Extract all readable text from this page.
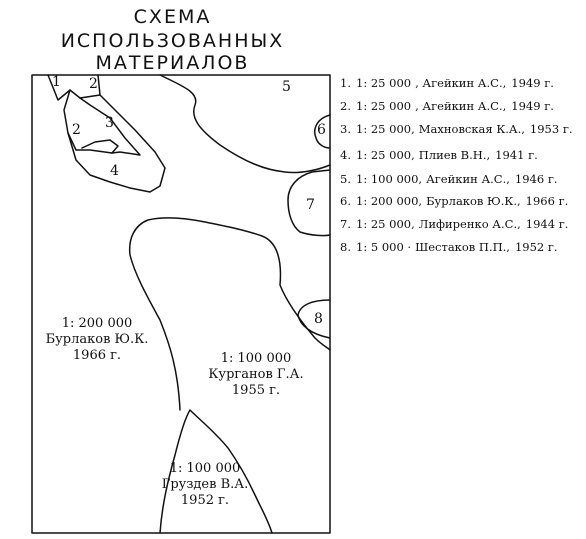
СХЕМА
ИСПОЛЬЗОВАННЫХ МАТЕРИАЛОВ
1 2
2 3
4
5
6
7
8
1: 200 000
Бурлаков Ю.К.
1966 г.	1: 100 000
Курганов Г.А.
1955 г.
1: 100 000
Груздев В.А.
1952 г.
1. 1: 25 000 , Агейкин А.С., 1949 г.
2. 1: 25 000 , Агейкин А.С., 1949 г.
3. 1: 25 000, Махновская К.А., 1953 г.
4. 1: 25 000, Плиев В.Н., 1941 г.
5. 1: 100 000, Агейкин А.С., 1946 г.
6. 1: 200 000, Бурлаков Ю.К., 1966 г.
7. 1: 25 000, Лифиренко А.С., 1944 г.
8. 1: 5 000 · Шестаков П.П., 1952 г.
